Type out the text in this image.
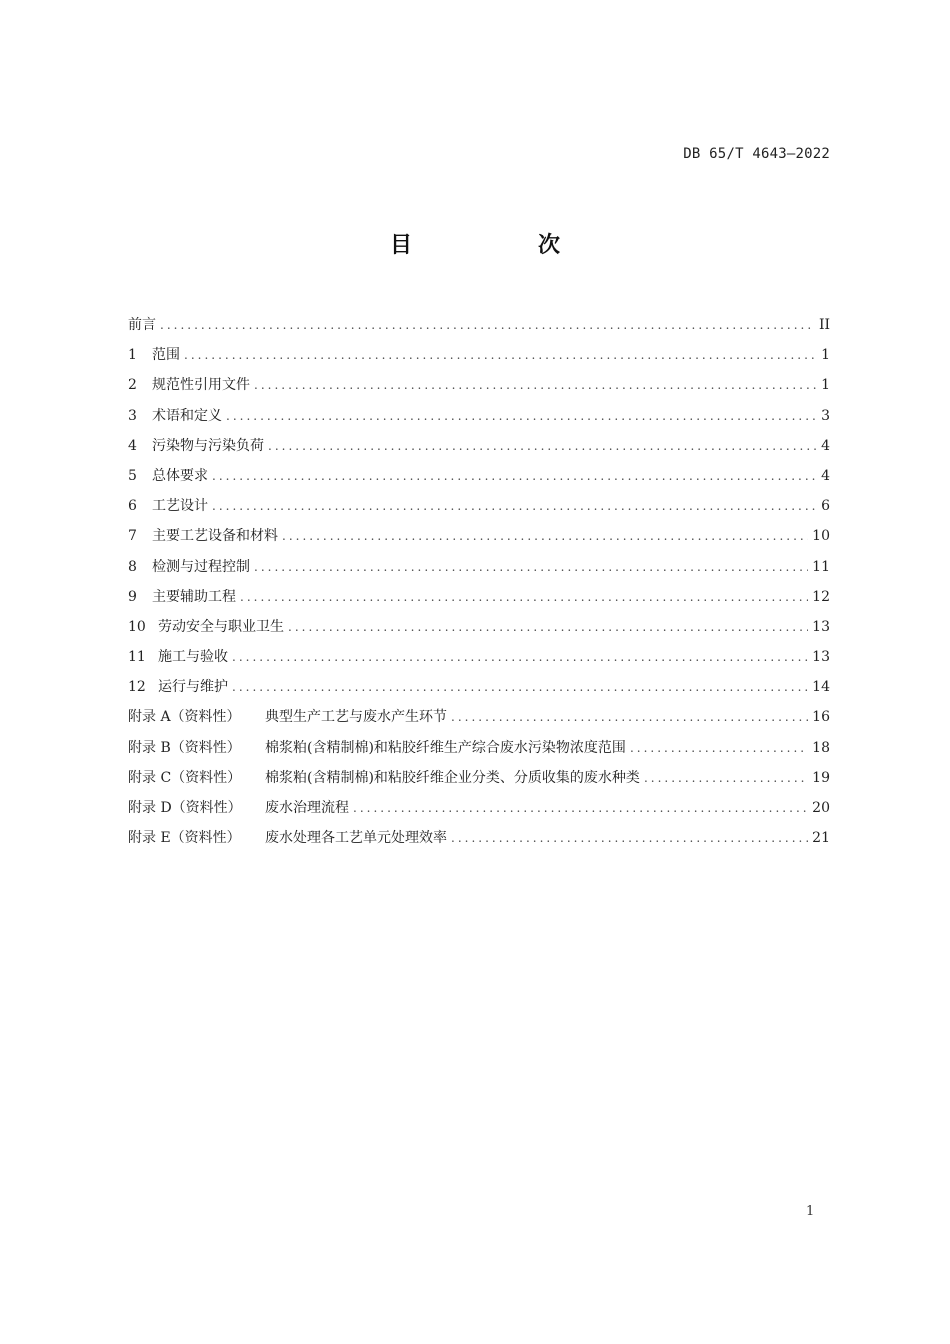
DB 65/T 4643—2022
目　次
前言 .....	II
1	范围 .....	1
2	规范性引用文件 .....	1
3	术语和定义 .....	3
4	污染物与污染负荷 .....	4
5	总体要求 .....	4
6	工艺设计 .....	6
7	主要工艺设备和材料 .....	10
8	检测与过程控制 .....	11
9	主要辅助工程 .....	12
10 劳动安全与职业卫生 .....	13
11 施工与验收 .....	13
12 运行与维护 .....	14
附录 A（资料性）	典型生产工艺与废水产生环节 .....	16
附录 B（资料性）	棉浆粕(含精制棉)和粘胶纤维生产综合废水污染物浓度范围 .....	18
附录 C（资料性）	棉浆粕(含精制棉)和粘胶纤维企业分类、分质收集的废水种类 .....	19
附录 D（资料性）	废水治理流程 .....	20
附录 E（资料性）	废水处理各工艺单元处理效率 .....	21
1
